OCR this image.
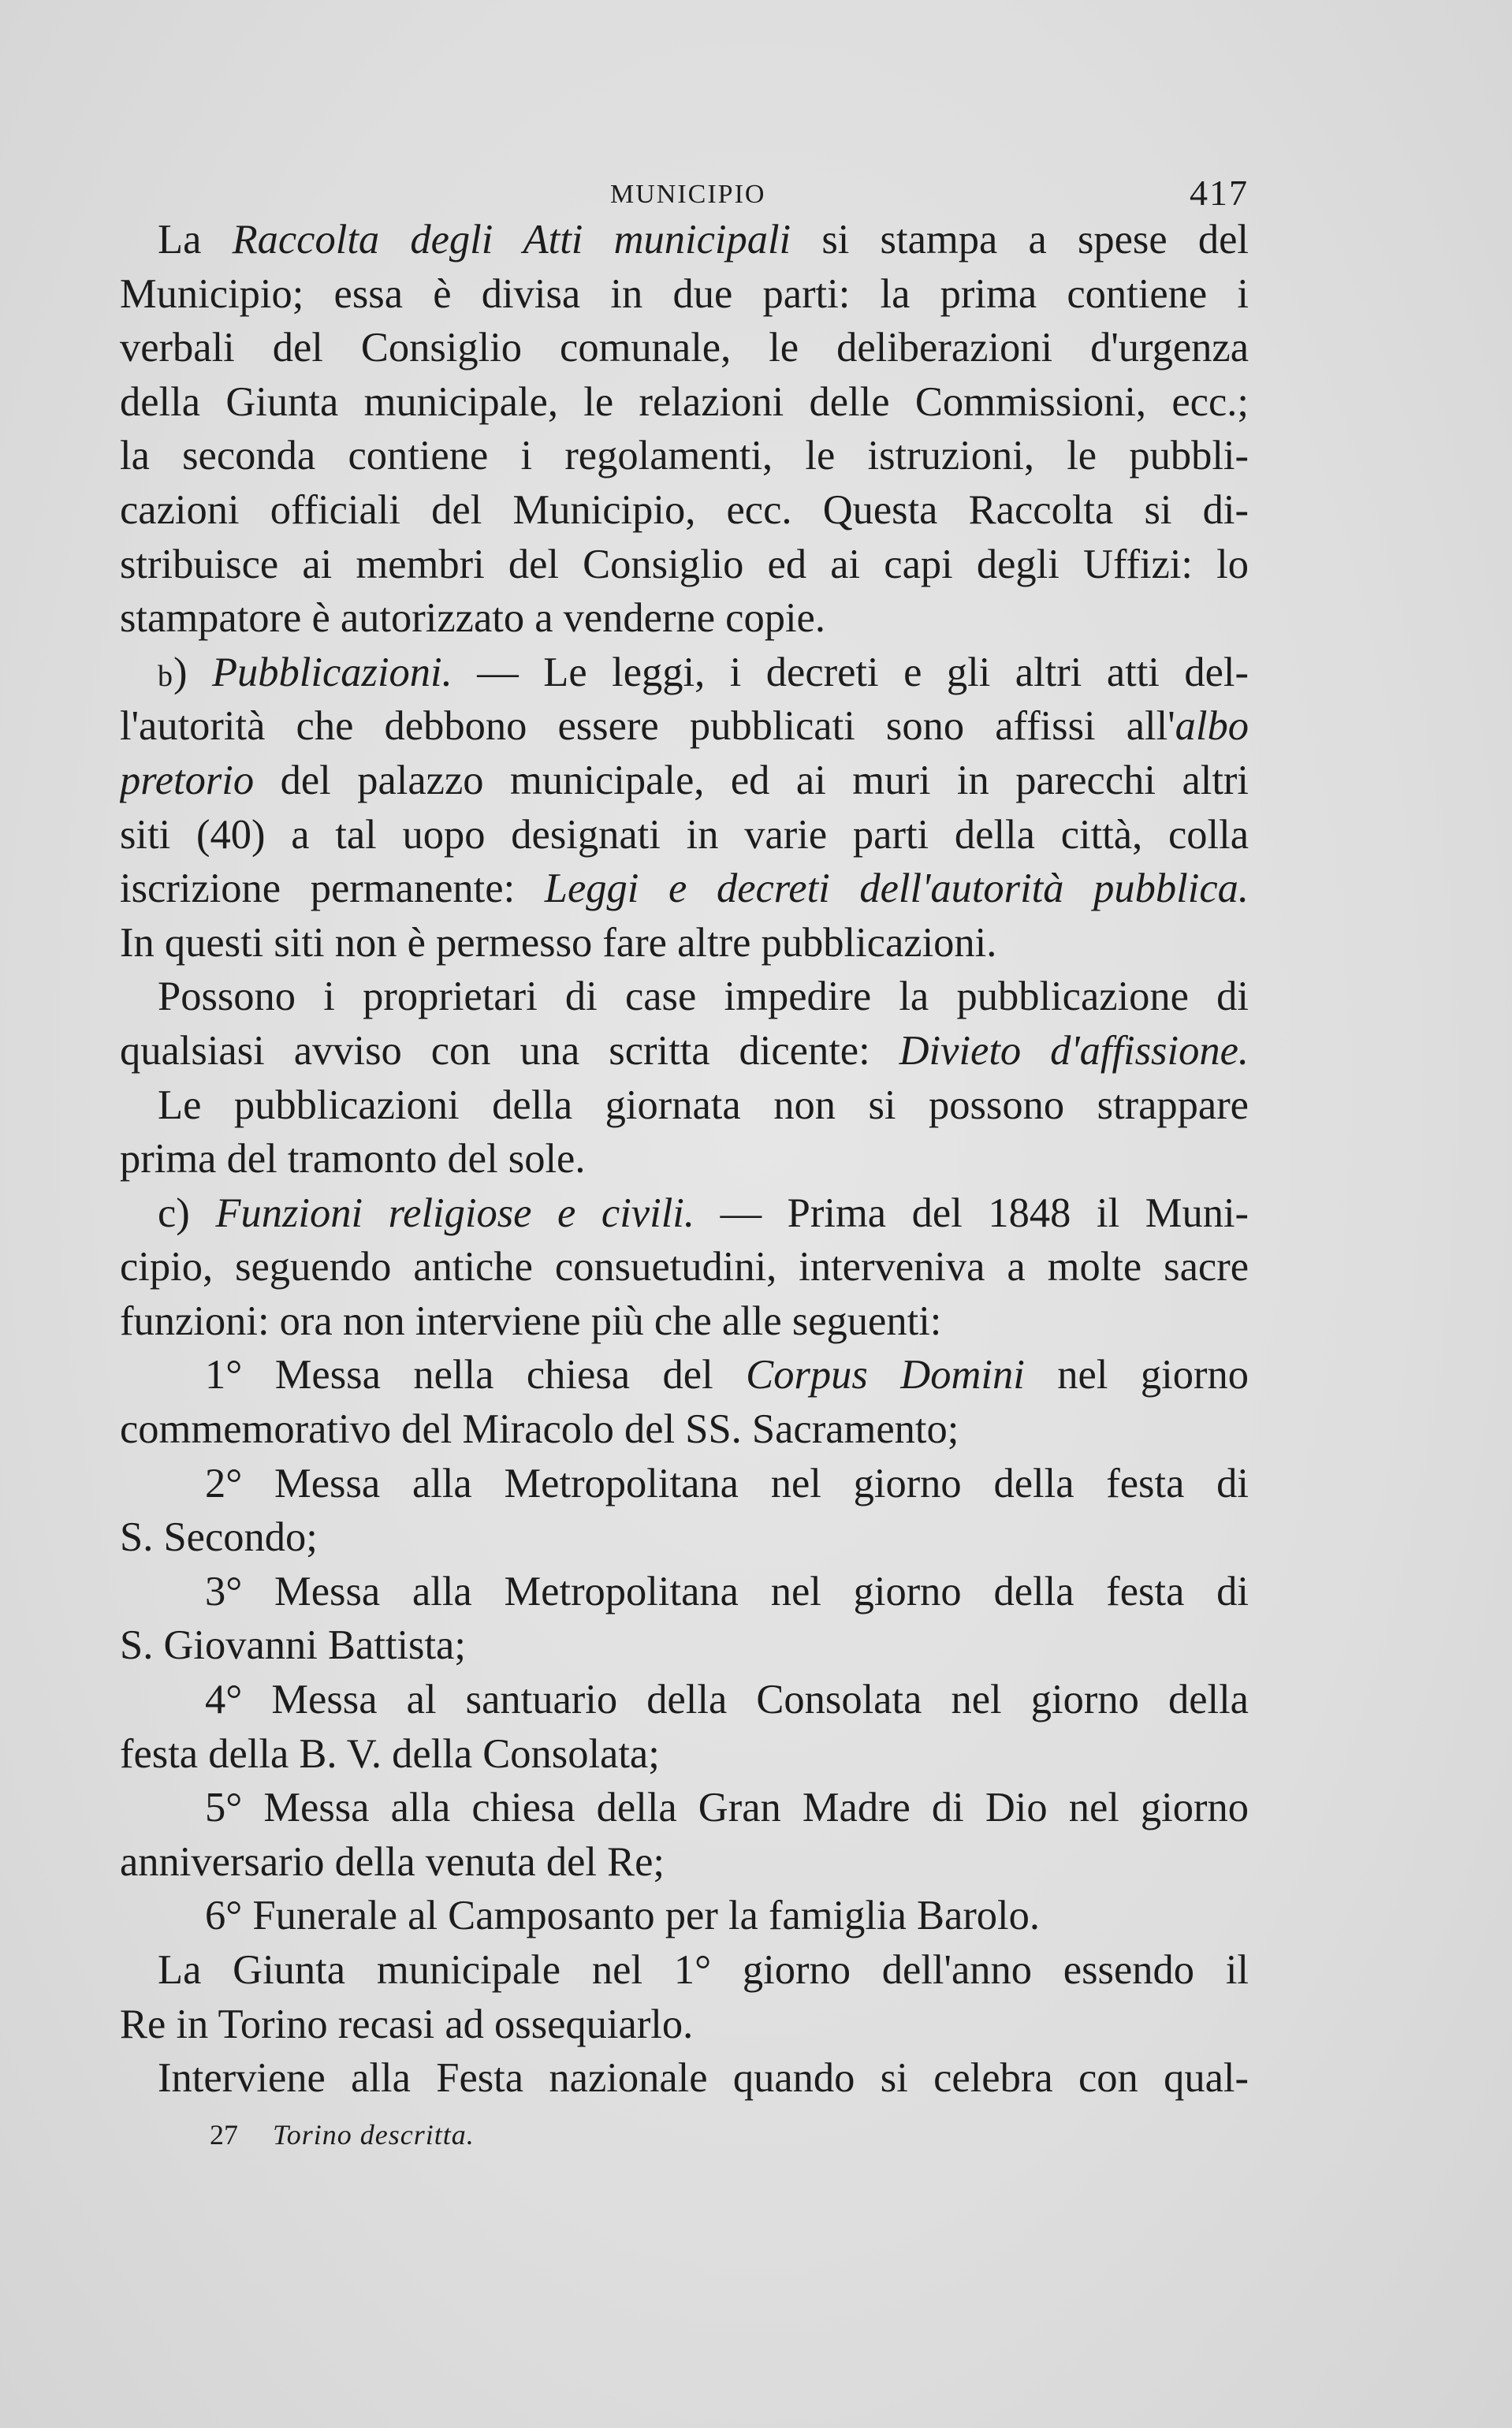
MUNICIPIO	417
La Raccolta degli Atti municipali si stampa a spese del
Municipio; essa è divisa in due parti: la prima contiene i
verbali del Consiglio comunale, le deliberazioni d'urgenza
della Giunta municipale, le relazioni delle Commissioni, ecc.;
la seconda contiene i regolamenti, le istruzioni, le pubbli-
cazioni officiali del Municipio, ecc. Questa Raccolta si di-
stribuisce ai membri del Consiglio ed ai capi degli Uffizi: lo
stampatore è autorizzato a venderne copie.
b) Pubblicazioni. — Le leggi, i decreti e gli altri atti del-
l'autorità che debbono essere pubblicati sono affissi all'albo
pretorio del palazzo municipale, ed ai muri in parecchi altri
siti (40) a tal uopo designati in varie parti della città, colla
iscrizione permanente: Leggi e decreti dell'autorità pubblica.
In questi siti non è permesso fare altre pubblicazioni.
Possono i proprietari di case impedire la pubblicazione di
qualsiasi avviso con una scritta dicente: Divieto d'affissione.
Le pubblicazioni della giornata non si possono strappare
prima del tramonto del sole.
c) Funzioni religiose e civili. — Prima del 1848 il Muni-
cipio, seguendo antiche consuetudini, interveniva a molte sacre
funzioni: ora non interviene più che alle seguenti:
1° Messa nella chiesa del Corpus Domini nel giorno
commemorativo del Miracolo del SS. Sacramento;
2° Messa alla Metropolitana nel giorno della festa di
S. Secondo;
3° Messa alla Metropolitana nel giorno della festa di
S. Giovanni Battista;
4° Messa al santuario della Consolata nel giorno della
festa della B. V. della Consolata;
5° Messa alla chiesa della Gran Madre di Dio nel giorno
anniversario della venuta del Re;
6° Funerale al Camposanto per la famiglia Barolo.
La Giunta municipale nel 1° giorno dell'anno essendo il
Re in Torino recasi ad ossequiarlo.
Interviene alla Festa nazionale quando si celebra con qual-
27 Torino descritta.
